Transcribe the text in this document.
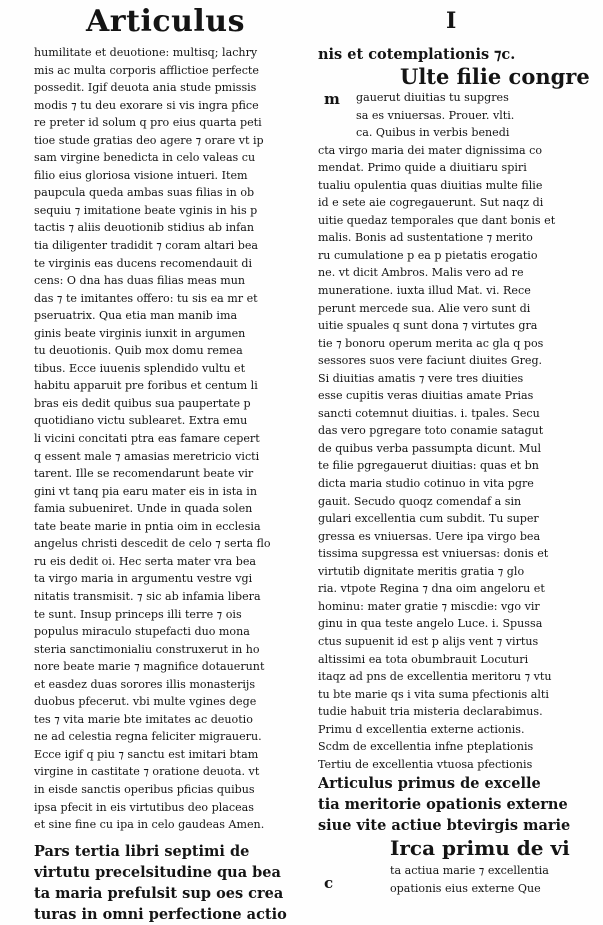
Articulus	I
humilitate et deuotione: multisq; lachry
mis ac multa corporis afflictioe perfecte
possedit. Igif deuota ania stude pmissis
modis ⁊ tu deu exorare si vis ingra pfice
re preter id solum q pro eius quarta peti
tioe stude gratias deo agere ⁊ orare vt ip
sam virgine benedicta in celo valeas cu
filio eius gloriosa visione intueri. Item
paupcula queda ambas suas filias in ob
sequiu ⁊ imitatione beate vginis in his p
tactis ⁊ aliis deuotionib stidius ab infan
tia diligenter tradidit ⁊ coram altari bea
te virginis eas ducens recomendauit di
cens: O dna has duas filias meas mun
das ⁊ te imitantes offero: tu sis ea mr et
pseruatrix. Qua etia man manib ima
ginis beate virginis iunxit in argumen
tu deuotionis. Quib mox domu remea
tibus. Ecce iuuenis splendido vultu et
habitu apparuit pre foribus et centum li
bras eis dedit quibus sua paupertate p
quotidiano victu sublearet. Extra emu
li vicini concitati ptra eas famare cepert
q essent male ⁊ amasias meretricio victi
tarent. Ille se recomendarunt beate vir
gini vt tanq pia earu mater eis in ista in
famia subueniret. Unde in quada solen
tate beate marie in pntia oim in ecclesia
angelus christi descedit de celo ⁊ serta flo
ru eis dedit oi. Hec serta mater vra bea
ta virgo maria in argumentu vestre vgi
nitatis transmisit. ⁊ sic ab infamia libera
te sunt. Insup princeps illi terre ⁊ ois
populus miraculo stupefacti duo mona
steria sanctimonialiu construxerut in ho
nore beate marie ⁊ magnifice dotauerunt
et easdez duas sorores illis monasterijs
duobus pfecerut. vbi multe vgines dege
tes ⁊ vita marie bte imitates ac deuotio
ne ad celestia regna feliciter migraueru.
Ecce igif q piu ⁊ sanctu est imitari btam
virgine in castitate ⁊ oratione deuota. vt
in eisde sanctis operibus pficias quibus
ipsa pfecit in eis virtutibus deo placeas
et sine fine cu ipa in celo gaudeas Amen.
Pars tertia libri septimi de
virtutu precelsitudine qua bea
ta maria prefulsit sup oes crea
turas in omni perfectione actio
nis et cotemplationis ⁊c.
Ulte filie congre
m	gauerut diuitias tu supgres
sa es vniuersas. Prouer. vlti.
ca. Quibus in verbis benedi
cta virgo maria dei mater dignissima co
mendat. Primo quide a diuitiaru spiri
tualiu opulentia quas diuitias multe filie
id e sete aie cogregauerunt. Sut naqz di
uitie quedaz temporales que dant bonis et
malis. Bonis ad sustentatione ⁊ merito
ru cumulatione p ea p pietatis erogatio
ne. vt dicit Ambros. Malis vero ad re
muneratione. iuxta illud Mat. vi. Rece
perunt mercede sua. Alie vero sunt di
uitie spuales q sunt dona ⁊ virtutes gra
tie ⁊ bonoru operum merita ac gla q pos
sessores suos vere faciunt diuites Greg.
Si diuitias amatis ⁊ vere tres diuities
esse cupitis veras diuitias amate Prias
sancti cotemnut diuitias. i. tpales. Secu
das vero pgregare toto conamie satagut
de quibus verba passumpta dicunt. Mul
te filie pgregauerut diuitias: quas et bn
dicta maria studio cotinuo in vita pgre
gauit. Secudo quoqz comendaf a sin
gulari excellentia cum subdit. Tu super
gressa es vniuersas. Uere ipa virgo bea
tissima supgressa est vniuersas: donis et
virtutib dignitate meritis gratia ⁊ glo
ria. vtpote Regina ⁊ dna oim angeloru et
hominu: mater gratie ⁊ miscdie: vgo vir
ginu in qua teste angelo Luce. i. Spussa
ctus supuenit id est p alijs vent ⁊ virtus
altissimi ea tota obumbrauit Locuturi
itaqz ad pns de excellentia meritoru ⁊ vtu
tu bte marie qs i vita suma pfectionis alti
tudie habuit tria misteria declarabimus.
Primu d excellentia externe actionis.
Scdm de excellentia infne pteplationis
Tertiu de excellentia vtuosa pfectionis
Articulus primus de excelle
tia meritorie opationis externe
siue vite actiue btevirgis marie
Irca primu de vi
c
ta actiua marie ⁊ excellentia
opationis eius externe Que
